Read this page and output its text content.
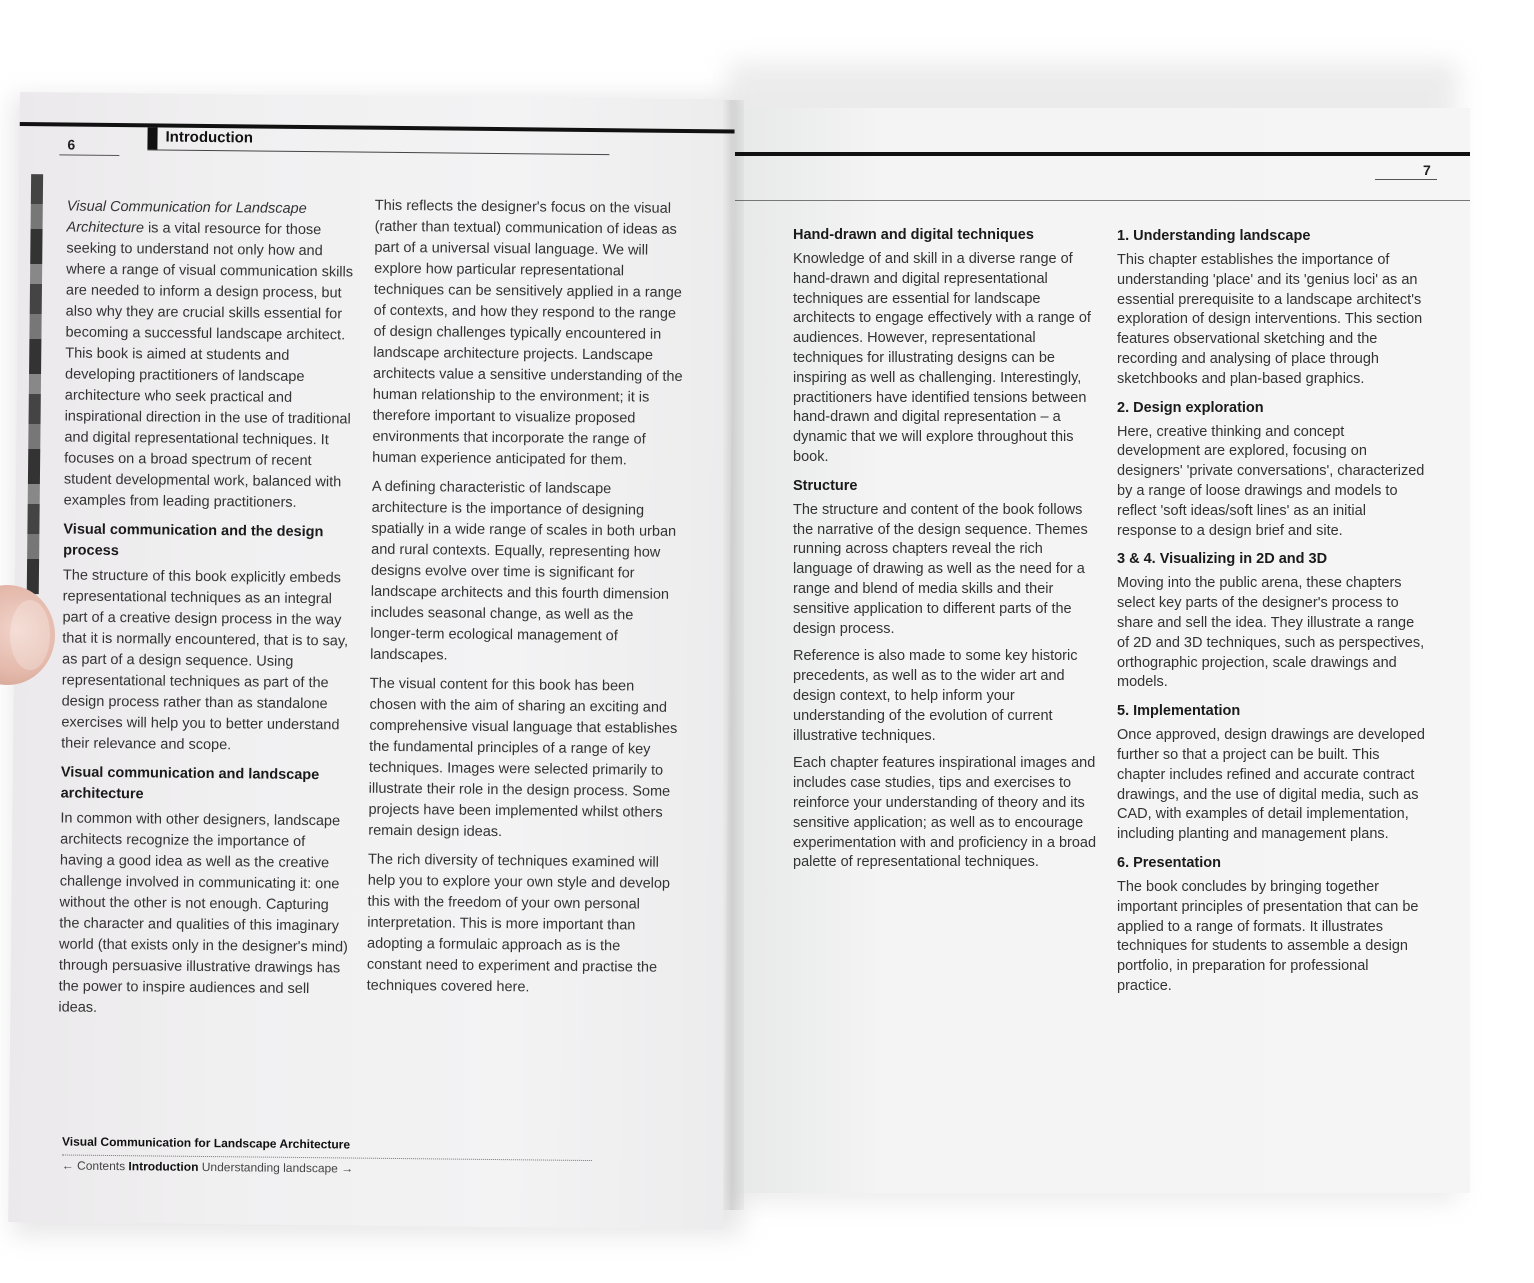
6	Introduction

Visual Communication for Landscape Architecture is a vital resource for those seeking to understand not only how and where a range of visual communication skills are needed to inform a design process, but also why they are crucial skills essential for becoming a successful landscape architect. This book is aimed at students and developing practitioners of landscape architecture who seek practical and inspirational direction in the use of traditional and digital representational techniques. It focuses on a broad spectrum of recent student developmental work, balanced with examples from leading practitioners.

Visual communication and the design process

The structure of this book explicitly embeds representational techniques as an integral part of a creative design process in the way that it is normally encountered, that is to say, as part of a design sequence. Using representational techniques as part of the design process rather than as standalone exercises will help you to better understand their relevance and scope.

Visual communication and landscape architecture

In common with other designers, landscape architects recognize the importance of having a good idea as well as the creative challenge involved in communicating it: one without the other is not enough. Capturing the character and qualities of this imaginary world (that exists only in the designer's mind) through persuasive illustrative drawings has the power to inspire audiences and sell ideas.

This reflects the designer's focus on the visual (rather than textual) communication of ideas as part of a universal visual language. We will explore how particular representational techniques can be sensitively applied in a range of contexts, and how they respond to the range of design challenges typically encountered in landscape architecture projects. Landscape architects value a sensitive understanding of the human relationship to the environment; it is therefore important to visualize proposed environments that incorporate the range of human experience anticipated for them.

A defining characteristic of landscape architecture is the importance of designing spatially in a wide range of scales in both urban and rural contexts. Equally, representing how designs evolve over time is significant for landscape architects and this fourth dimension includes seasonal change, as well as the longer-term ecological management of landscapes.

The visual content for this book has been chosen with the aim of sharing an exciting and comprehensive visual language that establishes the fundamental principles of a range of key techniques. Images were selected primarily to illustrate their role in the design process. Some projects have been implemented whilst others remain design ideas.

The rich diversity of techniques examined will help you to explore your own style and develop this with the freedom of your own personal interpretation. This is more important than adopting a formulaic approach as is the constant need to experiment and practise the techniques covered here.

Visual Communication for Landscape Architecture
← Contents Introduction Understanding landscape →
7
Hand-drawn and digital techniques

Knowledge of and skill in a diverse range of hand-drawn and digital representational techniques are essential for landscape architects to engage effectively with a range of audiences. However, representational techniques for illustrating designs can be inspiring as well as challenging. Interestingly, practitioners have identified tensions between hand-drawn and digital representation – a dynamic that we will explore throughout this book.

Structure

The structure and content of the book follows the narrative of the design sequence. Themes running across chapters reveal the rich language of drawing as well as the need for a range and blend of media skills and their sensitive application to different parts of the design process.

Reference is also made to some key historic precedents, as well as to the wider art and design context, to help inform your understanding of the evolution of current illustrative techniques.

Each chapter features inspirational images and includes case studies, tips and exercises to reinforce your understanding of theory and its sensitive application; as well as to encourage experimentation with and proficiency in a broad palette of representational techniques.

1. Understanding landscape

This chapter establishes the importance of understanding 'place' and its 'genius loci' as an essential prerequisite to a landscape architect's exploration of design interventions. This section features observational sketching and the recording and analysing of place through sketchbooks and plan-based graphics.

2. Design exploration

Here, creative thinking and concept development are explored, focusing on designers' 'private conversations', characterized by a range of loose drawings and models to reflect 'soft ideas/soft lines' as an initial response to a design brief and site.

3 & 4. Visualizing in 2D and 3D

Moving into the public arena, these chapters select key parts of the designer's process to share and sell the idea. They illustrate a range of 2D and 3D techniques, such as perspectives, orthographic projection, scale drawings and models.

5. Implementation

Once approved, design drawings are developed further so that a project can be built. This chapter includes refined and accurate contract drawings, and the use of digital media, such as CAD, with examples of detail implementation, including planting and management plans.

6. Presentation

The book concludes by bringing together important principles of presentation that can be applied to a range of formats. It illustrates techniques for students to assemble a design portfolio, in preparation for professional practice.
